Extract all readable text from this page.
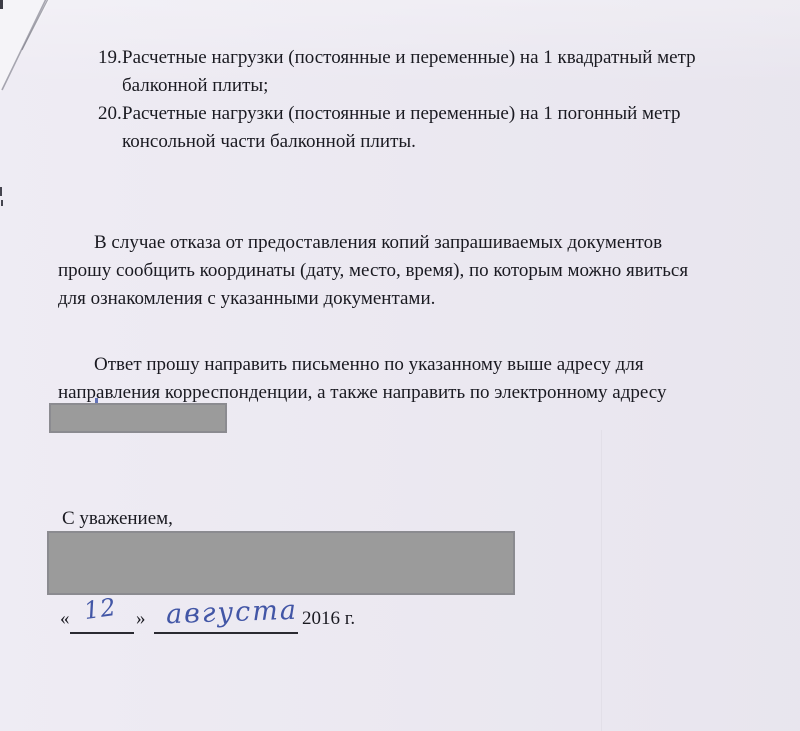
19. Расчетные нагрузки (постоянные и переменные) на 1 квадратный метр
балконной плиты;
20. Расчетные нагрузки (постоянные и переменные) на 1 погонный метр
консольной части балконной плиты.
В случае отказа от предоставления копий запрашиваемых документов
прошу сообщить координаты (дату, место, время), по которым можно явиться
для ознакомления с указанными документами.
Ответ прошу направить письменно по указанному выше адресу для
направления корреспонденции, а также направить по электронному адресу
С уважением,
«	»	2016 г.
12 августа
